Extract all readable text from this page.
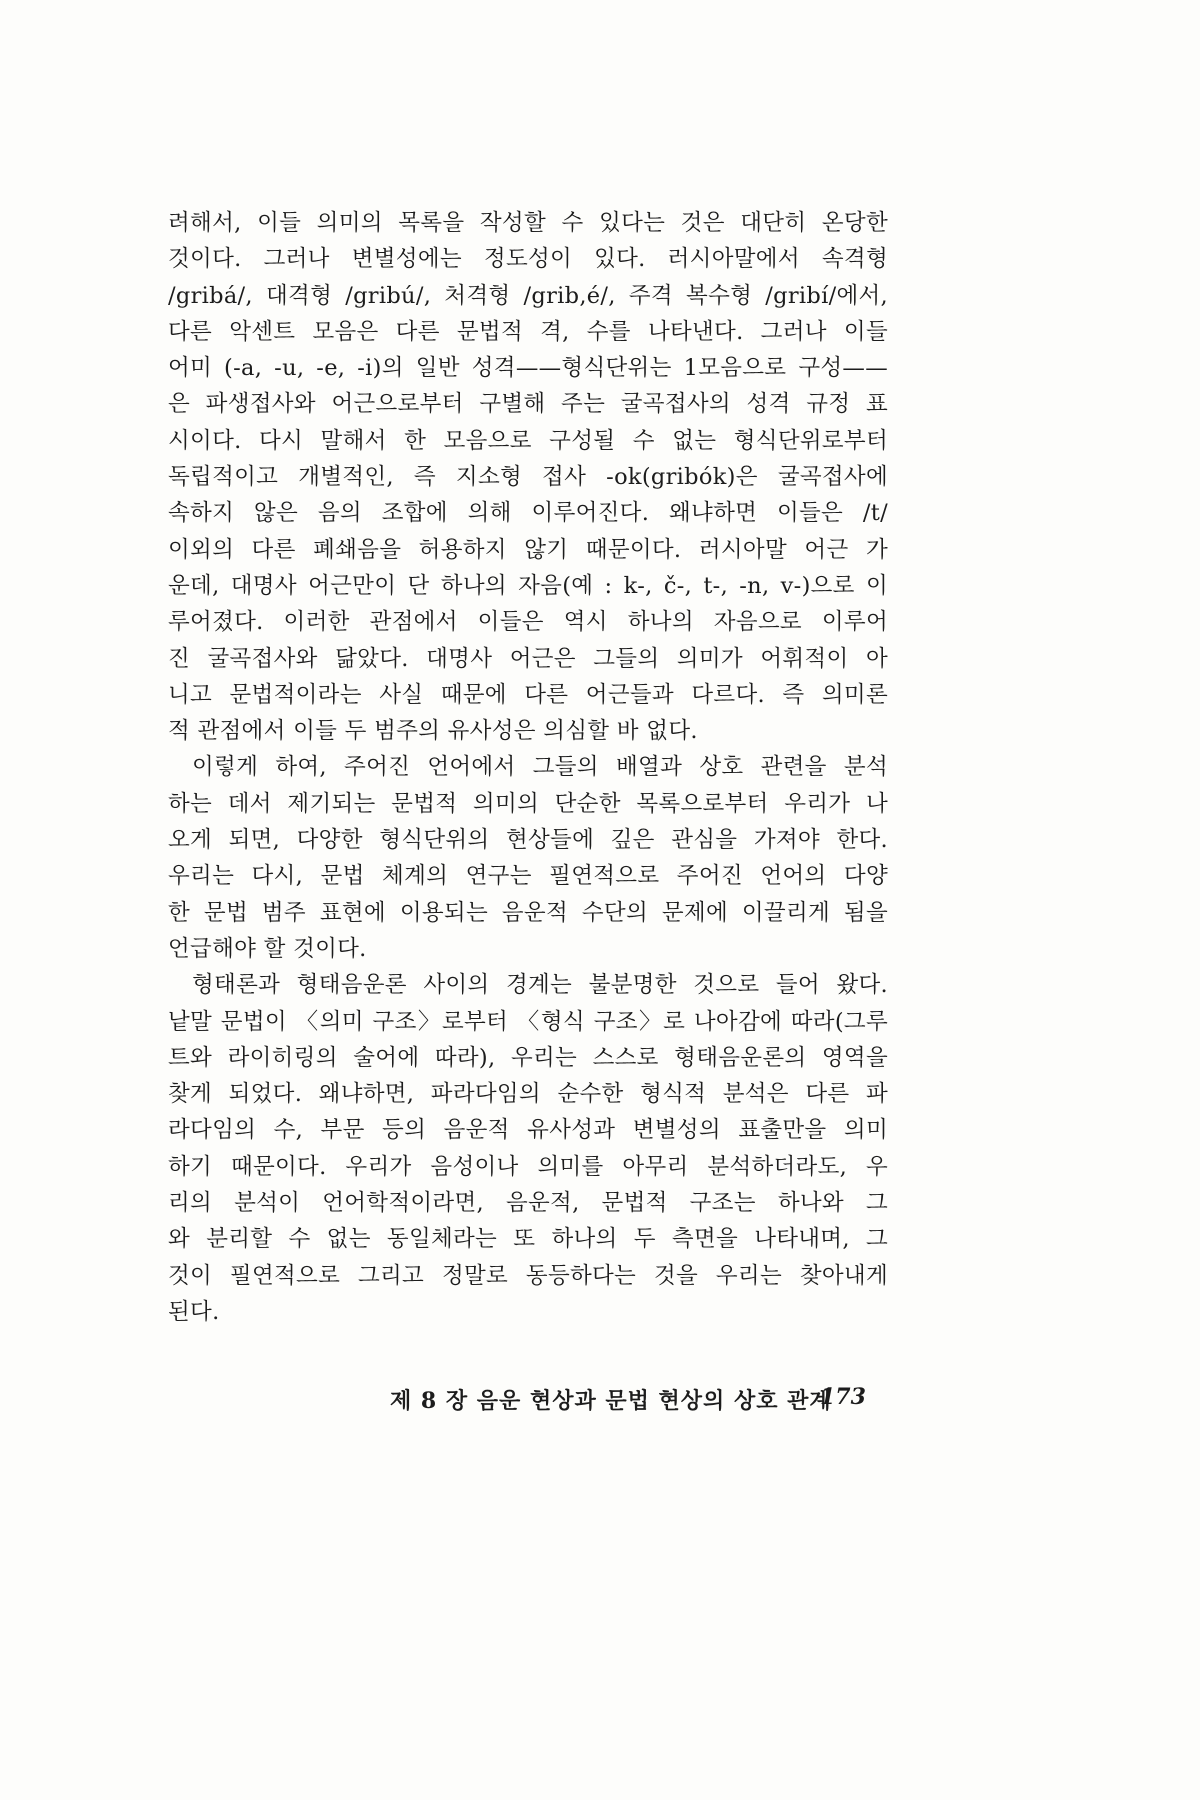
려해서, 이들 의미의 목록을 작성할 수 있다는 것은 대단히 온당한
것이다. 그러나 변별성에는 정도성이 있다. 러시아말에서 속격형
/gribá/, 대격형 /gribú/, 처격형 /grib,é/, 주격 복수형 /gribí/에서,
다른 악센트 모음은 다른 문법적 격, 수를 나타낸다. 그러나 이들
어미 (-a, -u, -e, -i)의 일반 성격——형식단위는 1모음으로 구성——
은 파생접사와 어근으로부터 구별해 주는 굴곡접사의 성격 규정 표
시이다. 다시 말해서 한 모음으로 구성될 수 없는 형식단위로부터
독립적이고 개별적인, 즉 지소형 접사 -ok(gribók)은 굴곡접사에
속하지 않은 음의 조합에 의해 이루어진다. 왜냐하면 이들은 /t/
이외의 다른 폐쇄음을 허용하지 않기 때문이다. 러시아말 어근 가
운데, 대명사 어근만이 단 하나의 자음(예 : k-, č-, t-, -n, v-)으로 이
루어졌다. 이러한 관점에서 이들은 역시 하나의 자음으로 이루어
진 굴곡접사와 닮았다. 대명사 어근은 그들의 의미가 어휘적이 아
니고 문법적이라는 사실 때문에 다른 어근들과 다르다. 즉 의미론
적 관점에서 이들 두 범주의 유사성은 의심할 바 없다.
이렇게 하여, 주어진 언어에서 그들의 배열과 상호 관련을 분석
하는 데서 제기되는 문법적 의미의 단순한 목록으로부터 우리가 나
오게 되면, 다양한 형식단위의 현상들에 깊은 관심을 가져야 한다.
우리는 다시, 문법 체계의 연구는 필연적으로 주어진 언어의 다양
한 문법 범주 표현에 이용되는 음운적 수단의 문제에 이끌리게 됨을
언급해야 할 것이다.
형태론과 형태음운론 사이의 경계는 불분명한 것으로 들어 왔다.
낱말 문법이 〈의미 구조〉로부터 〈형식 구조〉로 나아감에 따라(그루
트와 라이히링의 술어에 따라), 우리는 스스로 형태음운론의 영역을
찾게 되었다. 왜냐하면, 파라다임의 순수한 형식적 분석은 다른 파
라다임의 수, 부문 등의 음운적 유사성과 변별성의 표출만을 의미
하기 때문이다. 우리가 음성이나 의미를 아무리 분석하더라도, 우
리의 분석이 언어학적이라면, 음운적, 문법적 구조는 하나와 그
와 분리할 수 없는 동일체라는 또 하나의 두 측면을 나타내며, 그
것이 필연적으로 그리고 정말로 동등하다는 것을 우리는 찾아내게
된다.
제 8 장 음운 현상과 문법 현상의 상호 관계
173
